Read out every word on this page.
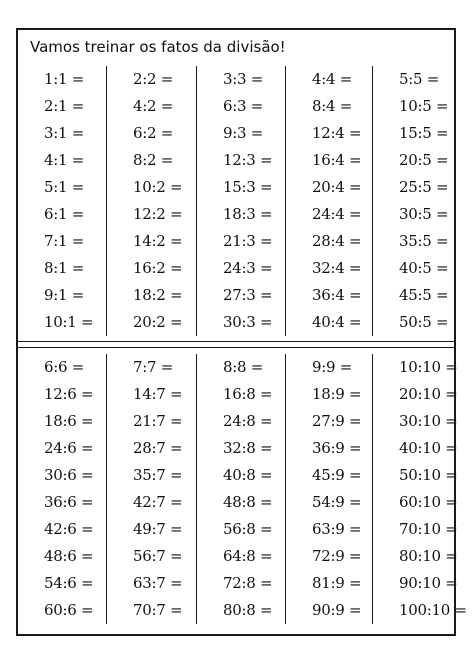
Vamos treinar os fatos da divisão!
1:1 =
2:1 =
3:1 =
4:1 =
5:1 =
6:1 =
7:1 =
8:1 =
9:1 =
10:1 =
2:2 =
4:2 =
6:2 =
8:2 =
10:2 =
12:2 =
14:2 =
16:2 =
18:2 =
20:2 =
3:3 =
6:3 =
9:3 =
12:3 =
15:3 =
18:3 =
21:3 =
24:3 =
27:3 =
30:3 =
4:4 =
8:4 =
12:4 =
16:4 =
20:4 =
24:4 =
28:4 =
32:4 =
36:4 =
40:4 =
5:5 =
10:5 =
15:5 =
20:5 =
25:5 =
30:5 =
35:5 =
40:5 =
45:5 =
50:5 =
6:6 =
12:6 =
18:6 =
24:6 =
30:6 =
36:6 =
42:6 =
48:6 =
54:6 =
60:6 =
7:7 =
14:7 =
21:7 =
28:7 =
35:7 =
42:7 =
49:7 =
56:7 =
63:7 =
70:7 =
8:8 =
16:8 =
24:8 =
32:8 =
40:8 =
48:8 =
56:8 =
64:8 =
72:8 =
80:8 =
9:9 =
18:9 =
27:9 =
36:9 =
45:9 =
54:9 =
63:9 =
72:9 =
81:9 =
90:9 =
10:10 =
20:10 =
30:10 =
40:10 =
50:10 =
60:10 =
70:10 =
80:10 =
90:10 =
100:10 =
